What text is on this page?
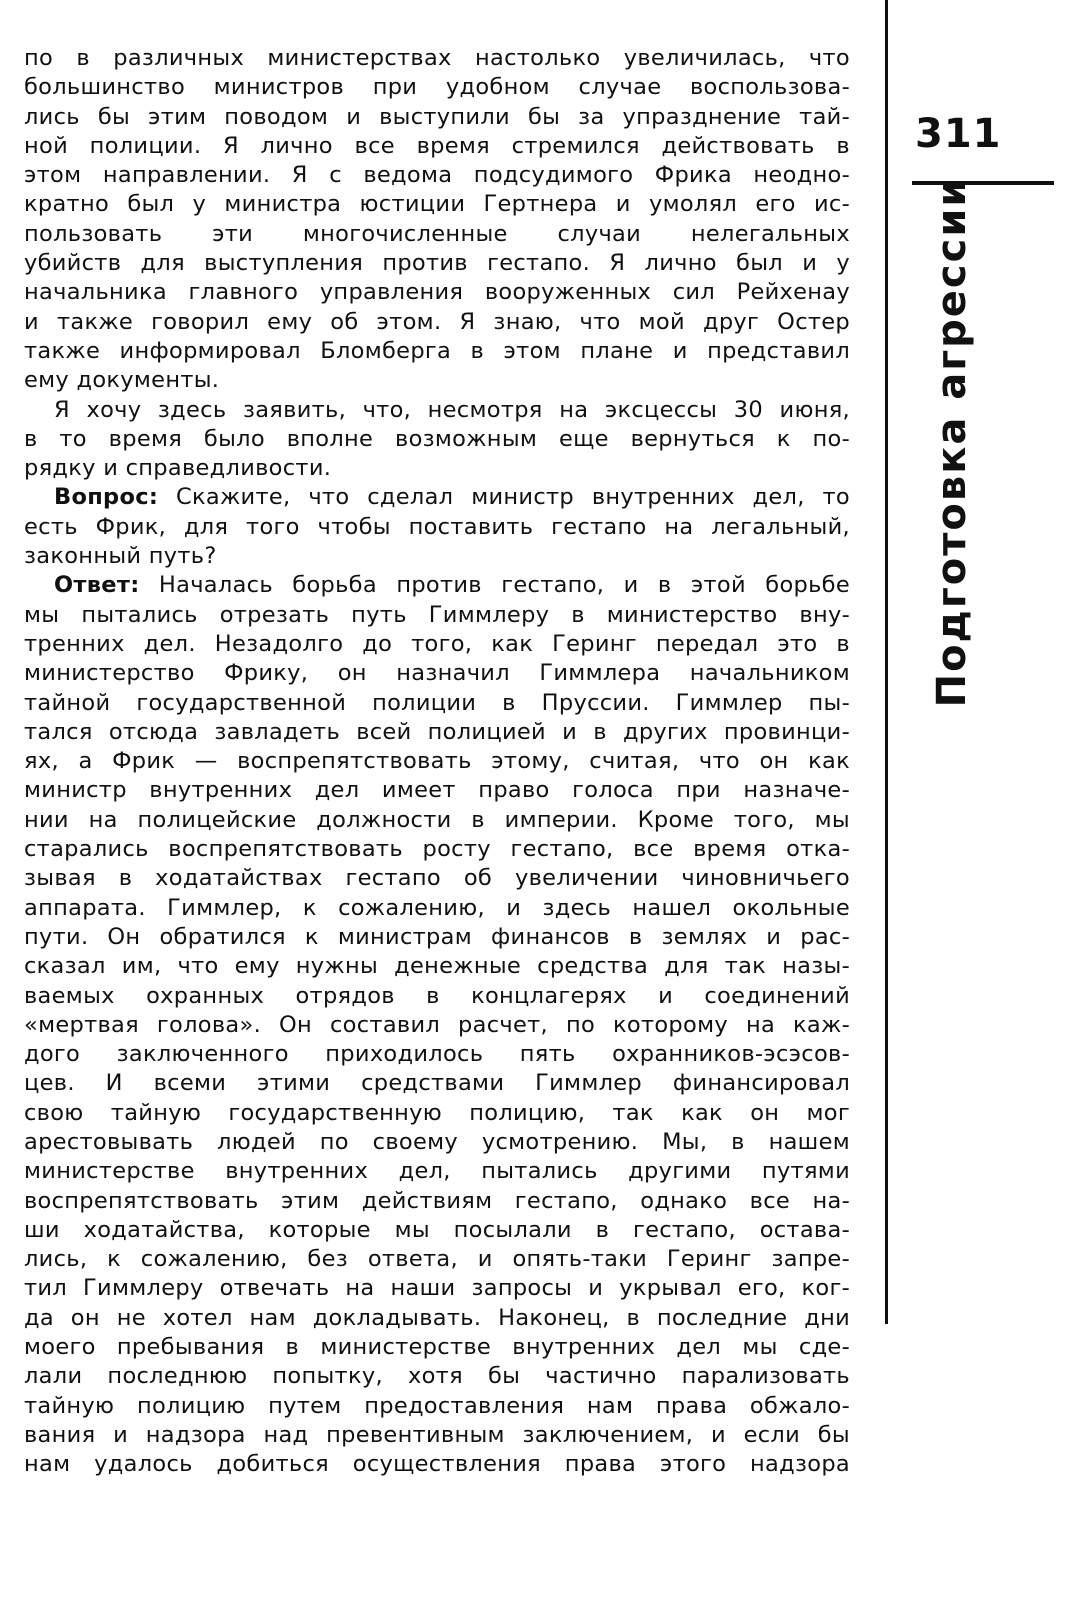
311
Подготовка агрессии
по в различных министерствах настолько увеличилась, что
большинство министров при удобном случае воспользова-
лись бы этим поводом и выступили бы за упразднение тай-
ной полиции. Я лично все время стремился действовать в
этом направлении. Я с ведома подсудимого Фрика неодно-
кратно был у министра юстиции Гертнера и умолял его ис-
пользовать эти многочисленные случаи нелегальных
убийств для выступления против гестапо. Я лично был и у
начальника главного управления вооруженных сил Рейхенау
и также говорил ему об этом. Я знаю, что мой друг Остер
также информировал Бломберга в этом плане и представил
ему документы.
Я хочу здесь заявить, что, несмотря на эксцессы 30 июня,
в то время было вполне возможным еще вернуться к по-
рядку и справедливости.
Вопрос: Скажите, что сделал министр внутренних дел, то
есть Фрик, для того чтобы поставить гестапо на легальный,
законный путь?
Ответ: Началась борьба против гестапо, и в этой борьбе
мы пытались отрезать путь Гиммлеру в министерство вну-
тренних дел. Незадолго до того, как Геринг передал это в
министерство Фрику, он назначил Гиммлера начальником
тайной государственной полиции в Пруссии. Гиммлер пы-
тался отсюда завладеть всей полицией и в других провинци-
ях, а Фрик — воспрепятствовать этому, считая, что он как
министр внутренних дел имеет право голоса при назначе-
нии на полицейские должности в империи. Кроме того, мы
старались воспрепятствовать росту гестапо, все время отка-
зывая в ходатайствах гестапо об увеличении чиновничьего
аппарата. Гиммлер, к сожалению, и здесь нашел окольные
пути. Он обратился к министрам финансов в землях и рас-
сказал им, что ему нужны денежные средства для так назы-
ваемых охранных отрядов в концлагерях и соединений
«мертвая голова». Он составил расчет, по которому на каж-
дого заключенного приходилось пять охранников-эсэсов-
цев. И всеми этими средствами Гиммлер финансировал
свою тайную государственную полицию, так как он мог
арестовывать людей по своему усмотрению. Мы, в нашем
министерстве внутренних дел, пытались другими путями
воспрепятствовать этим действиям гестапо, однако все на-
ши ходатайства, которые мы посылали в гестапо, остава-
лись, к сожалению, без ответа, и опять-таки Геринг запре-
тил Гиммлеру отвечать на наши запросы и укрывал его, ког-
да он не хотел нам докладывать. Наконец, в последние дни
моего пребывания в министерстве внутренних дел мы сде-
лали последнюю попытку, хотя бы частично парализовать
тайную полицию путем предоставления нам права обжало-
вания и надзора над превентивным заключением, и если бы
нам удалось добиться осуществления права этого надзора
